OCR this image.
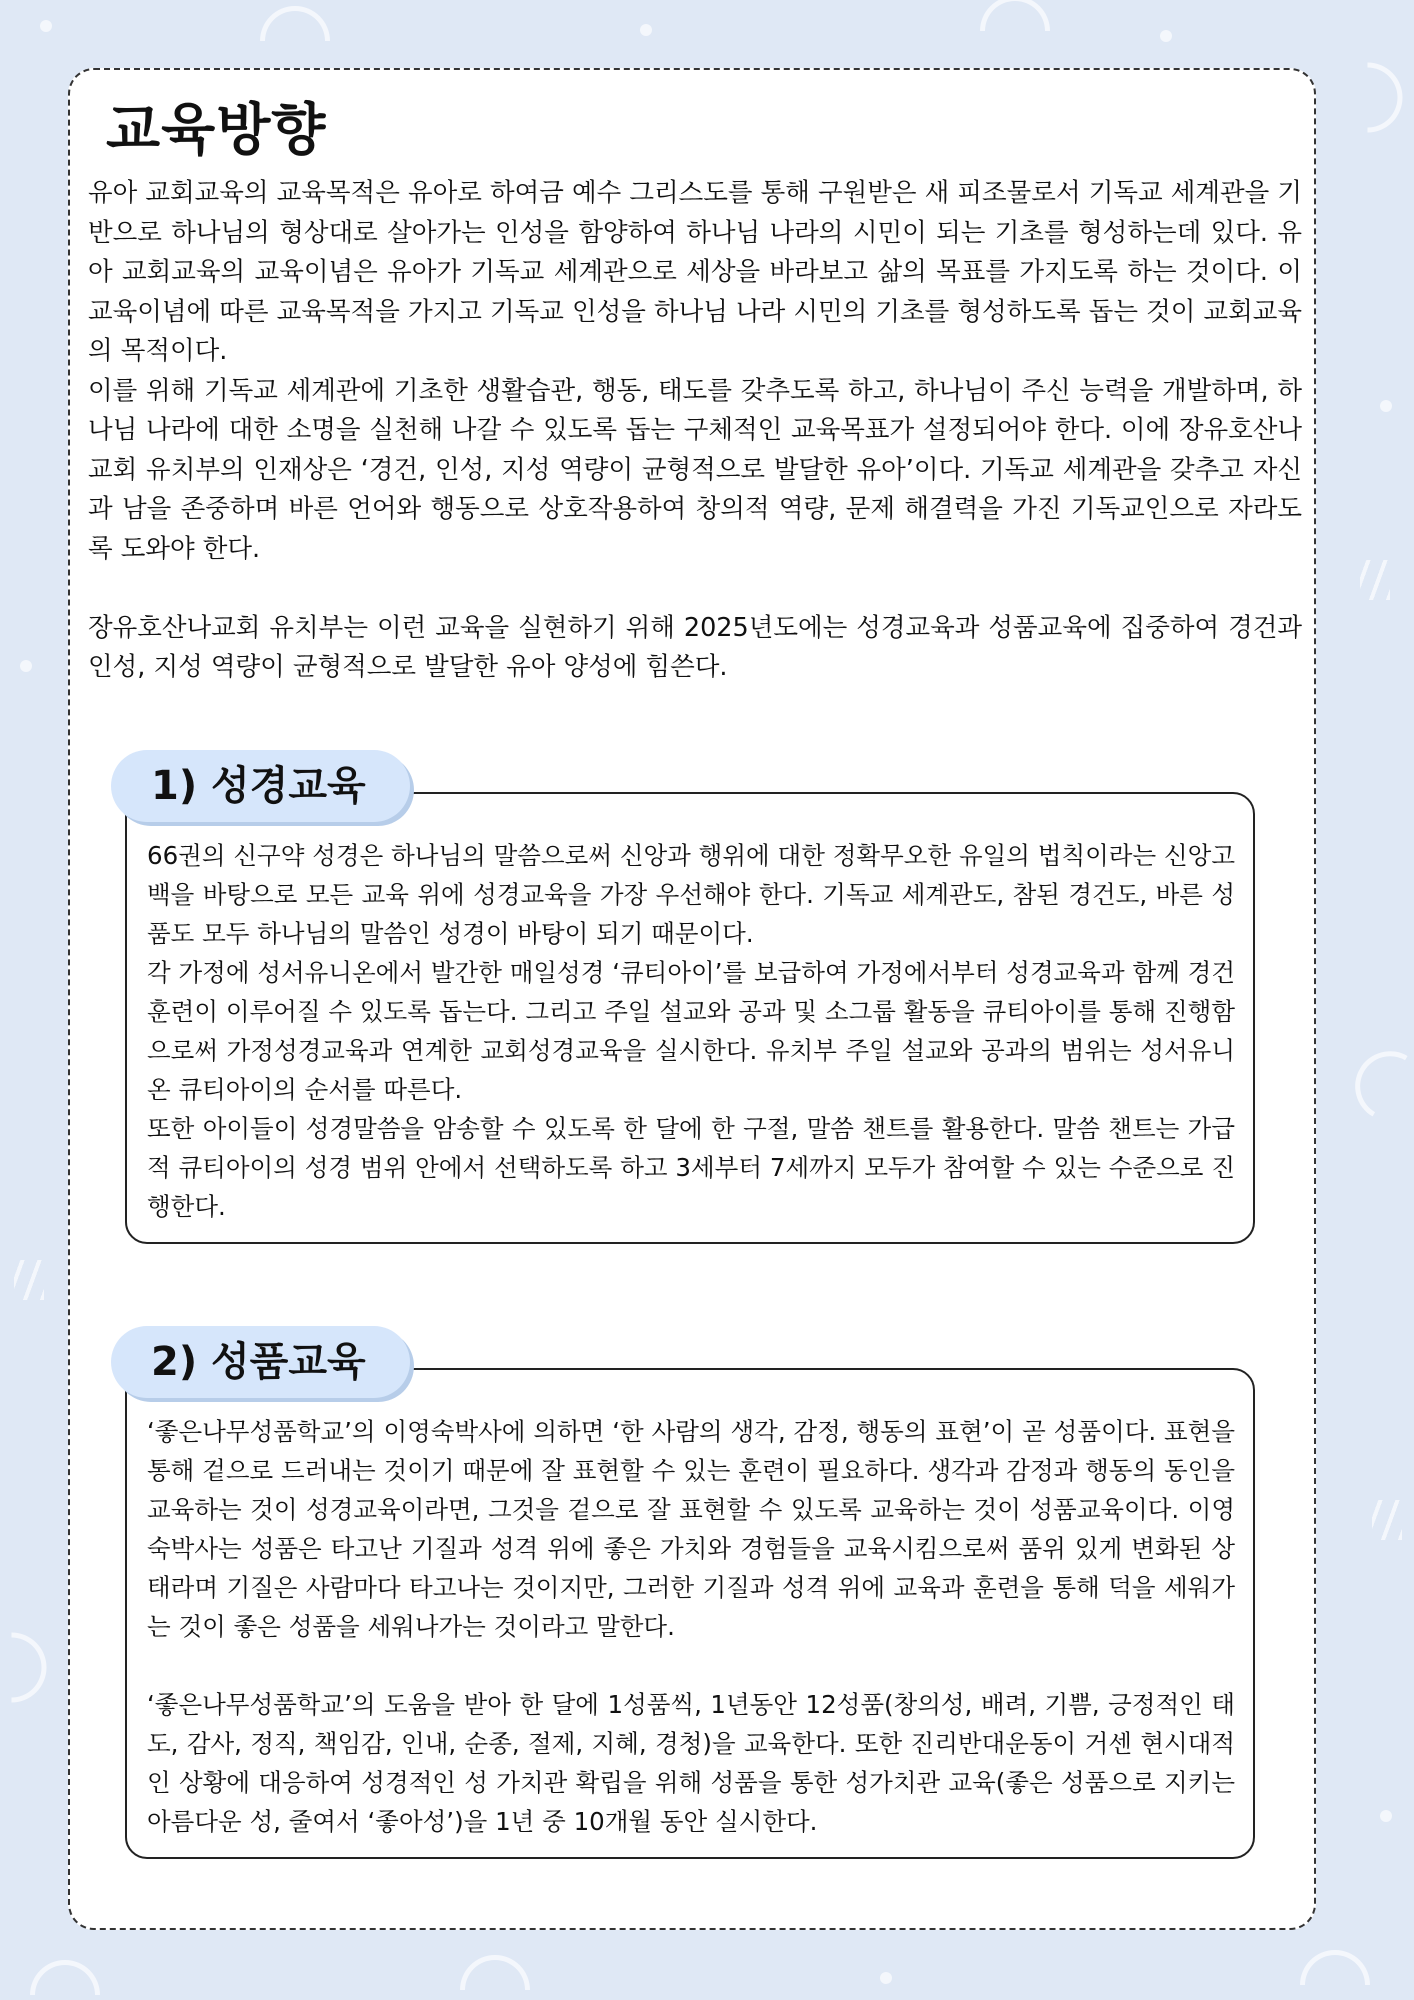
교육방향

유아 교회교육의 교육목적은 유아로 하여금 예수 그리스도를 통해 구원받은 새 피조물로서 기독교 세계관을 기반으로 하나님의 형상대로 살아가는 인성을 함양하여 하나님 나라의 시민이 되는 기초를 형성하는데 있다. 유아 교회교육의 교육이념은 유아가 기독교 세계관으로 세상을 바라보고 삶의 목표를 가지도록 하는 것이다. 이 교육이념에 따른 교육목적을 가지고 기독교 인성을 하나님 나라 시민의 기초를 형성하도록 돕는 것이 교회교육의 목적이다.

이를 위해 기독교 세계관에 기초한 생활습관, 행동, 태도를 갖추도록 하고, 하나님이 주신 능력을 개발하며, 하나님 나라에 대한 소명을 실천해 나갈 수 있도록 돕는 구체적인 교육목표가 설정되어야 한다. 이에 장유호산나교회 유치부의 인재상은 ‘경건, 인성, 지성 역량이 균형적으로 발달한 유아’이다. 기독교 세계관을 갖추고 자신과 남을 존중하며 바른 언어와 행동으로 상호작용하여 창의적 역량, 문제 해결력을 가진 기독교인으로 자라도록 도와야 한다.

장유호산나교회 유치부는 이런 교육을 실현하기 위해 2025년도에는 성경교육과 성품교육에 집중하여 경건과 인성, 지성 역량이 균형적으로 발달한 유아 양성에 힘쓴다.

1) 성경교육

66권의 신구약 성경은 하나님의 말씀으로써 신앙과 행위에 대한 정확무오한 유일의 법칙이라는 신앙고백을 바탕으로 모든 교육 위에 성경교육을 가장 우선해야 한다. 기독교 세계관도, 참된 경건도, 바른 성품도 모두 하나님의 말씀인 성경이 바탕이 되기 때문이다.

각 가정에 성서유니온에서 발간한 매일성경 ‘큐티아이’를 보급하여 가정에서부터 성경교육과 함께 경건훈련이 이루어질 수 있도록 돕는다. 그리고 주일 설교와 공과 및 소그룹 활동을 큐티아이를 통해 진행함으로써 가정성경교육과 연계한 교회성경교육을 실시한다. 유치부 주일 설교와 공과의 범위는 성서유니온 큐티아이의 순서를 따른다.

또한 아이들이 성경말씀을 암송할 수 있도록 한 달에 한 구절, 말씀 챈트를 활용한다. 말씀 챈트는 가급적 큐티아이의 성경 범위 안에서 선택하도록 하고 3세부터 7세까지 모두가 참여할 수 있는 수준으로 진행한다.

2) 성품교육

‘좋은나무성품학교’의 이영숙박사에 의하면 ‘한 사람의 생각, 감정, 행동의 표현’이 곧 성품이다. 표현을 통해 겉으로 드러내는 것이기 때문에 잘 표현할 수 있는 훈련이 필요하다. 생각과 감정과 행동의 동인을 교육하는 것이 성경교육이라면, 그것을 겉으로 잘 표현할 수 있도록 교육하는 것이 성품교육이다. 이영숙박사는 성품은 타고난 기질과 성격 위에 좋은 가치와 경험들을 교육시킴으로써 품위 있게 변화된 상태라며 기질은 사람마다 타고나는 것이지만, 그러한 기질과 성격 위에 교육과 훈련을 통해 덕을 세워가는 것이 좋은 성품을 세워나가는 것이라고 말한다.

‘좋은나무성품학교’의 도움을 받아 한 달에 1성품씩, 1년동안 12성품(창의성, 배려, 기쁨, 긍정적인 태도, 감사, 정직, 책임감, 인내, 순종, 절제, 지혜, 경청)을 교육한다. 또한 진리반대운동이 거센 현시대적인 상황에 대응하여 성경적인 성 가치관 확립을 위해 성품을 통한 성가치관 교육(좋은 성품으로 지키는 아름다운 성, 줄여서 ‘좋아성’)을 1년 중 10개월 동안 실시한다.
